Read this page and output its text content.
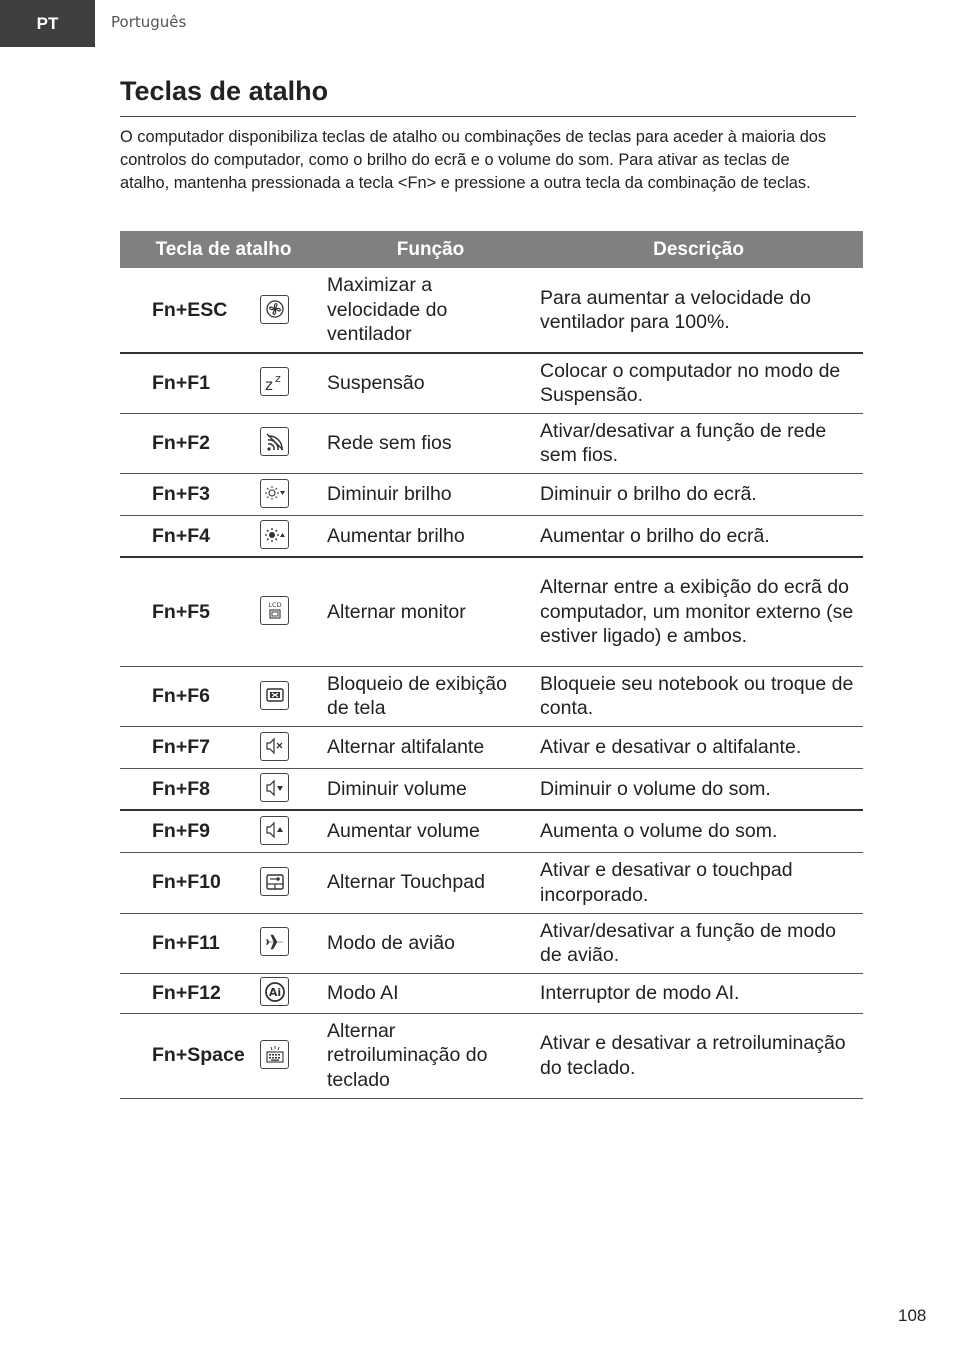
PT	Português
Teclas de atalho
O computador disponibiliza teclas de atalho ou combinações de teclas para aceder à maioria dos controlos do computador, como o brilho do ecrã e o volume do som. Para ativar as teclas de atalho, mantenha pressionada a tecla <Fn> e pressione a outra tecla da combinação de teclas.
Tecla de atalho		Função	Descrição
Fn+ESC		Maximizar a velocidade do ventilador	Para aumentar a velocidade do ventilador para 100%.
Fn+F1	z z	Suspensão	Colocar o computador no modo de Suspensão.
Fn+F2		Rede sem fios	Ativar/desativar a função de rede sem fios.
Fn+F3		Diminuir brilho	Diminuir o brilho do ecrã.
Fn+F4		Aumentar brilho	Aumentar o brilho do ecrã.
Fn+F5	LCD	Alternar monitor	Alternar entre a exibição do ecrã do computador, um monitor externo (se estiver ligado) e ambos.
Fn+F6		Bloqueio de exibição de tela	Bloqueie seu notebook ou troque de conta.
Fn+F7		Alternar altifalante	Ativar e desativar o altifalante.
Fn+F8		Diminuir volume	Diminuir o volume do som.
Fn+F9		Aumentar volume	Aumenta o volume do som.
Fn+F10		Alternar Touchpad	Ativar e desativar o touchpad incorporado.
Fn+F11		Modo de avião	Ativar/desativar a função de modo de avião.
Fn+F12	Ai	Modo AI	Interruptor de modo AI.
Fn+Space		Alternar retroiluminação do teclado	Ativar e desativar a retroiluminação do teclado.
108
